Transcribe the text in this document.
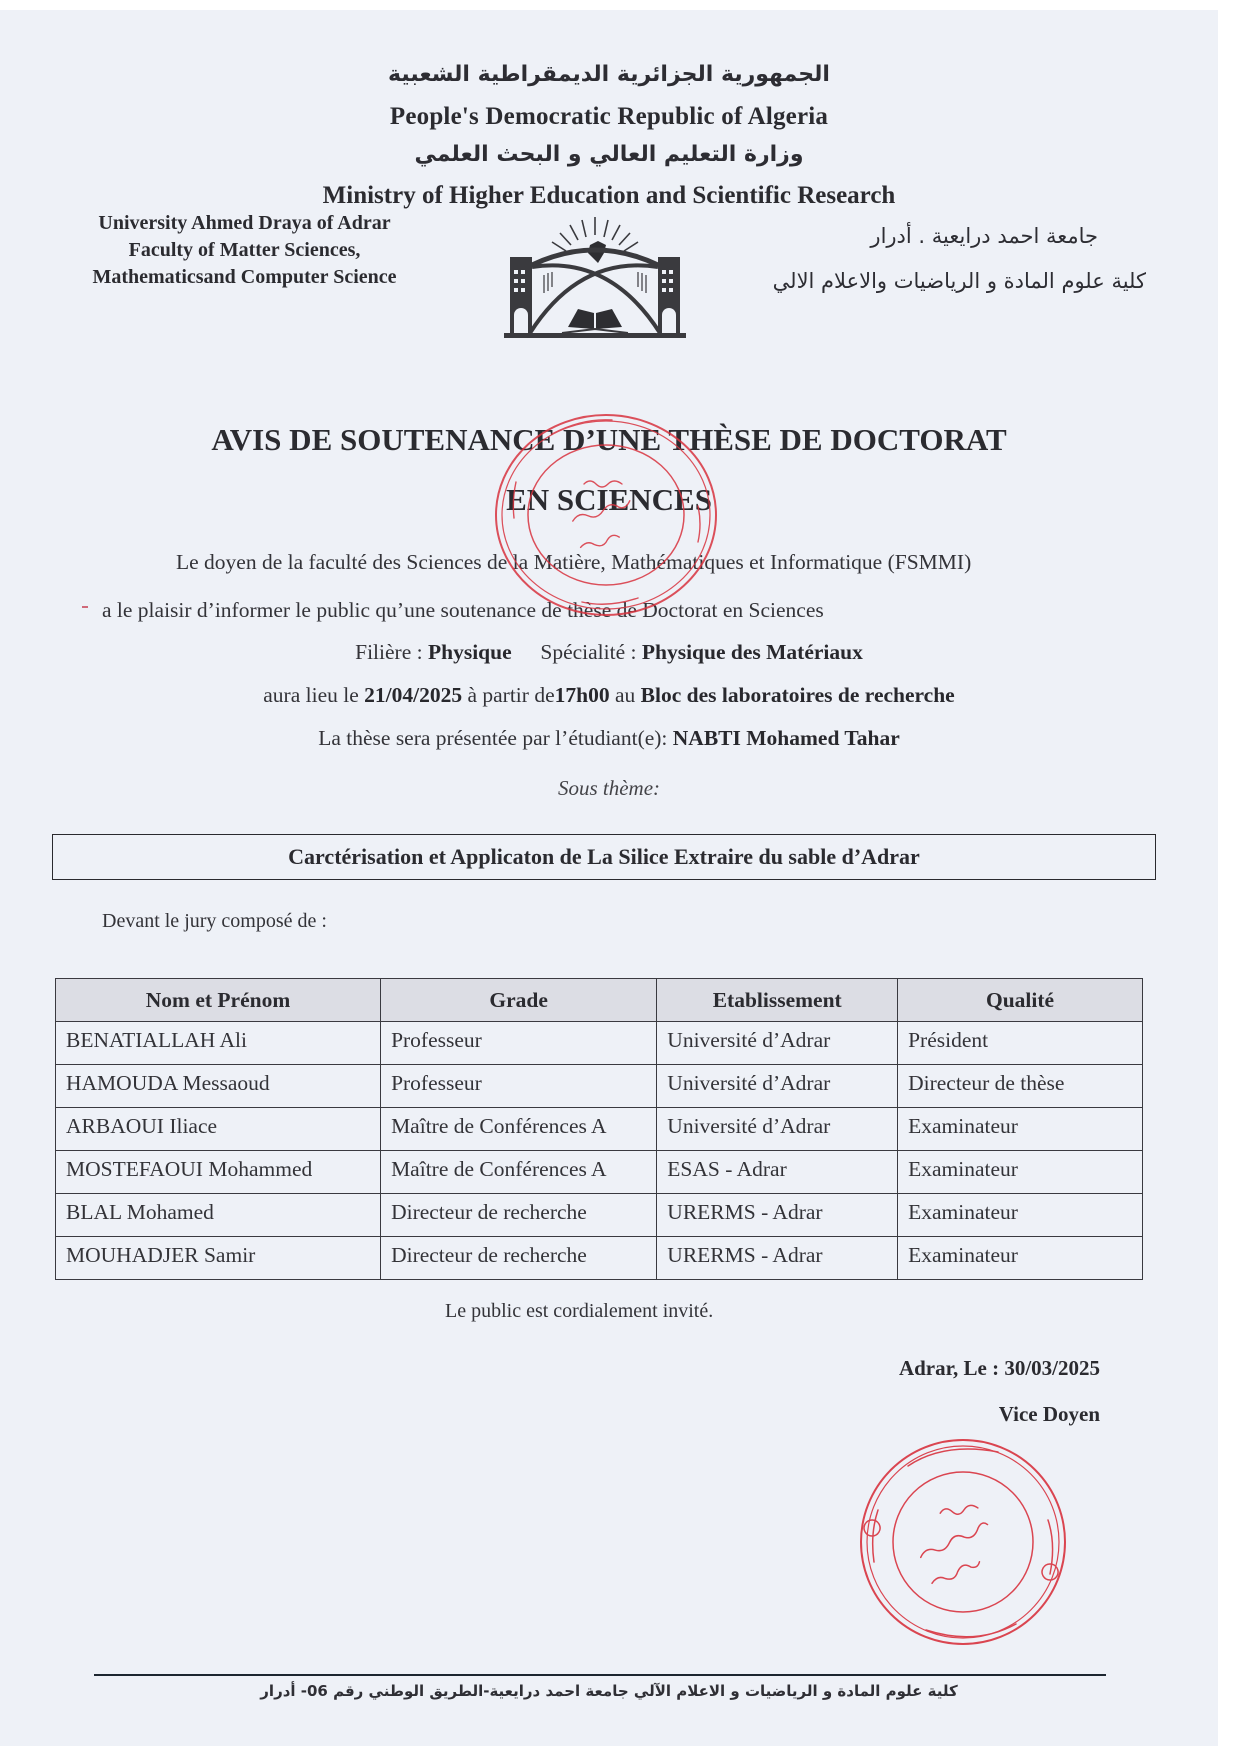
الجمهورية الجزائرية الديمقراطية الشعبية
People's Democratic Republic of Algeria
وزارة التعليم العالي و البحث العلمي
Ministry of Higher Education and Scientific Research
University Ahmed Draya of Adrar
Faculty of Matter Sciences,
Mathematicsand Computer Science
جامعة احمد درايعية . أدرار
كلية علوم المادة و الرياضيات والاعلام الالي
AVIS DE SOUTENANCE D’UNE THÈSE DE DOCTORAT
EN SCIENCES
Le doyen de la faculté des Sciences de la Matière, Mathématiques et Informatique (FSMMI)
a le plaisir d’informer le public qu’une soutenance de thèse de Doctorat en Sciences
Filière : Physique Spécialité : Physique des Matériaux
aura lieu le 21/04/2025 à partir de17h00 au Bloc des laboratoires de recherche
La thèse sera présentée par l’étudiant(e): NABTI Mohamed Tahar
Sous thème:
Carctérisation et Applicaton de La Silice Extraire du sable d’Adrar
Devant le jury composé de :
Nom et Prénom	Grade	Etablissement	Qualité
BENATIALLAH Ali	Professeur	Université d’Adrar	Président
HAMOUDA Messaoud	Professeur	Université d’Adrar	Directeur de thèse
ARBAOUI Iliace	Maître de Conférences A	Université d’Adrar	Examinateur
MOSTEFAOUI Mohammed	Maître de Conférences A	ESAS - Adrar	Examinateur
BLAL Mohamed	Directeur de recherche	URERMS - Adrar	Examinateur
MOUHADJER Samir	Directeur de recherche	URERMS - Adrar	Examinateur
Le public est cordialement invité.
Adrar, Le : 30/03/2025
Vice Doyen
كلية علوم المادة و الرياضيات و الاعلام الآلي جامعة احمد درايعية-الطريق الوطني رقم 06- أدرار
